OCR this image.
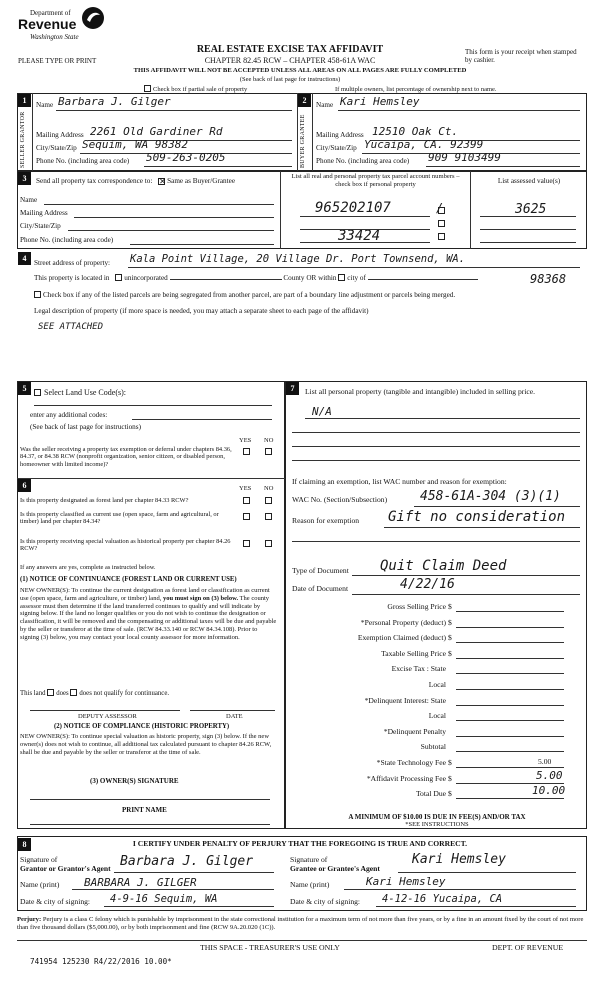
Department of
Revenue
Washington State
PLEASE TYPE OR PRINT
REAL ESTATE EXCISE TAX AFFIDAVIT
CHAPTER 82.45 RCW – CHAPTER 458-61A WAC
THIS AFFIDAVIT WILL NOT BE ACCEPTED UNLESS ALL AREAS ON ALL PAGES ARE FULLY COMPLETED
(See back of last page for instructions)
This form is your receipt when stamped by cashier.
Check box if partial sale of property	If multiple owners, list percentage of ownership next to name.
1	2
SELLER GRANTOR	BUYER GRANTEE
Name Barbara J. Gilger
Mailing Address 2261 Old Gardiner Rd
City/State/Zip Sequim, WA 98382
Phone No. (including area code) 509-263-0205
Name Kari Hemsley
Mailing Address 12510 Oak Ct.
City/State/Zip Yucaipa, CA. 92399
Phone No. (including area code) 909 9103499
3	Send all property tax correspondence to: ✕Same as Buyer/Grantee
Name
Mailing Address
City/State/Zip
Phone No. (including area code)
List all real and personal property tax parcel account numbers – check box if personal property	List assessed value(s)
965202107	/	3625
33424
4	Street address of property: Kala Point Village, 20 Village Dr. Port Townsend, WA.
This property is located in unincorporated	County OR within city of	98368
Check box if any of the listed parcels are being segregated from another parcel, are part of a boundary line adjustment or parcels being merged.
Legal description of property (if more space is needed, you may attach a separate sheet to each page of the affidavit)
SEE ATTACHED
5	Select Land Use Code(s):
enter any additional codes:
(See back of last page for instructions)
YES NO
Was the seller receiving a property tax exemption or deferral under chapters 84.36, 84.37, or 84.38 RCW (nonprofit organization, senior citizen, or disabled person, homeowner with limited income)?
6	YES NO
Is this property designated as forest land per chapter 84.33 RCW?
Is this property classified as current use (open space, farm and agricultural, or timber) land per chapter 84.34?
Is this property receiving special valuation as historical property per chapter 84.26 RCW?
If any answers are yes, complete as instructed below.
(1) NOTICE OF CONTINUANCE (FOREST LAND OR CURRENT USE)
NEW OWNER(S): To continue the current designation as forest land or classification as current use (open space, farm and agriculture, or timber) land, you must sign on (3) below. The county assessor must then determine if the land transferred continues to qualify and will indicate by signing below. If the land no longer qualifies or you do not wish to continue the designation or classification, it will be removed and the compensating or additional taxes will be due and payable by the seller or transferor at the time of sale. (RCW 84.33.140 or RCW 84.34.108). Prior to signing (3) below, you may contact your local county assessor for more information.
This land does does not qualify for continuance.
DEPUTY ASSESSOR	DATE
(2) NOTICE OF COMPLIANCE (HISTORIC PROPERTY)
NEW OWNER(S): To continue special valuation as historic property, sign (3) below. If the new owner(s) does not wish to continue, all additional tax calculated pursuant to chapter 84.26 RCW, shall be due and payable by the seller or transferor at the time of sale.
(3) OWNER(S) SIGNATURE
PRINT NAME
7	List all personal property (tangible and intangible) included in selling price.
N/A
If claiming an exemption, list WAC number and reason for exemption:
WAC No. (Section/Subsection)	458-61A-304 (3)(1)
Reason for exemption Gift no consideration
Type of Document Quit Claim Deed
Date of Document	4/22/16
Gross Selling Price $
*Personal Property (deduct) $
Exemption Claimed (deduct) $
Taxable Selling Price $
Excise Tax : State
Local
*Delinquent Interest: State
Local
*Delinquent Penalty
Subtotal
*State Technology Fee $	5.00
*Affidavit Processing Fee $	5.00
Total Due $	10.00
A MINIMUM OF $10.00 IS DUE IN FEE(S) AND/OR TAX
*SEE INSTRUCTIONS
8	I CERTIFY UNDER PENALTY OF PERJURY THAT THE FOREGOING IS TRUE AND CORRECT.
Signature of
Grantor or Grantor's Agent Barbara J. Gilger
Name (print) BARBARA J. GILGER
Date & city of signing: 4-9-16 Sequim, WA
Signature of
Grantee or Grantee's Agent
Kari Hemsley
Name (print)	Kari Hemsley
Date & city of signing: 4-12-16 Yucaipa, CA
Perjury: Perjury is a class C felony which is punishable by imprisonment in the state correctional institution for a maximum term of not more than five years, or by a fine in an amount fixed by the court of not more than five thousand dollars ($5,000.00), or by both imprisonment and fine (RCW 9A.20.020 (1C)).
THIS SPACE - TREASURER'S USE ONLY	DEPT. OF REVENUE
741954 125230 R4/22/2016 10.00*
